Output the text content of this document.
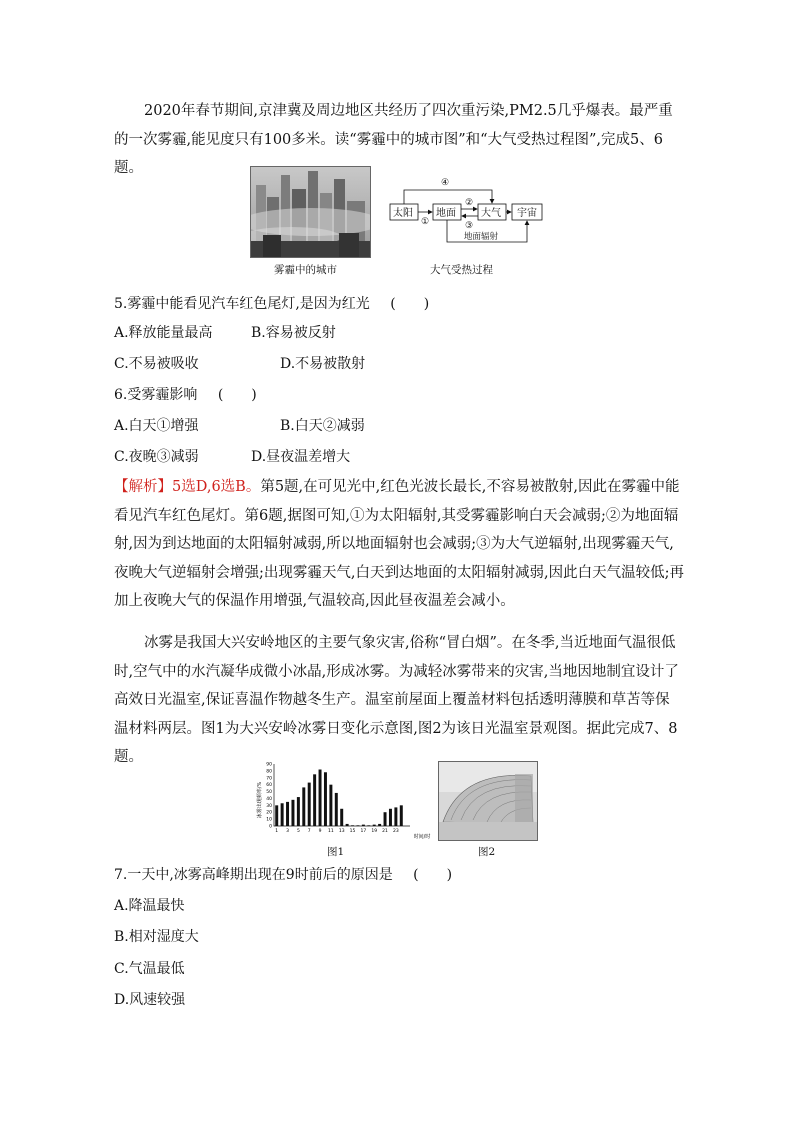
2020年春节期间,京津冀及周边地区共经历了四次重污染,PM2.5几乎爆表。最严重的一次雾霾,能见度只有100多米。读“雾霾中的城市图”和“大气受热过程图”,完成5、6题。

雾霾中的城市
太阳 地面	大气 宇宙
①
②
③
④
地面辐射
大气受热过程
5.雾霾中能看见汽车红色尾灯,是因为红光 (　　)
A.释放能量最高	B.容易被反射
C.不易被吸收	D.不易被散射
6.受雾霾影响 (　　)
A.白天①增强	B.白天②减弱
C.夜晚③减弱	D.昼夜温差增大

【解析】5选D,6选B。第5题,在可见光中,红色光波长最长,不容易被散射,因此在雾霾中能看见汽车红色尾灯。第6题,据图可知,①为太阳辐射,其受雾霾影响白天会减弱;②为地面辐射,因为到达地面的太阳辐射减弱,所以地面辐射也会减弱;③为大气逆辐射,出现雾霾天气,夜晚大气逆辐射会增强;出现雾霾天气,白天到达地面的太阳辐射减弱,因此白天气温较低;再加上夜晚大气的保温作用增强,气温较高,因此昼夜温差会减小。

冰雾是我国大兴安岭地区的主要气象灾害,俗称“冒白烟”。在冬季,当近地面气温很低时,空气中的水汽凝华成微小冰晶,形成冰雾。为减轻冰雾带来的灾害,当地因地制宜设计了高效日光温室,保证喜温作物越冬生产。温室前屋面上覆盖材料包括透明薄膜和草苫等保温材料两层。图1为大兴安岭冰雾日变化示意图,图2为该日光温室景观图。据此完成7、8题。

冰雾出现频率/%
时间/时
0
10
20
30
40
50
60
70
80
90
1 3 5 7 9 11 13 15 17 19 21 23
图1	图2
7.一天中,冰雾高峰期出现在9时前后的原因是 (　　)
A.降温最快
B.相对湿度大
C.气温最低
D.风速较强
